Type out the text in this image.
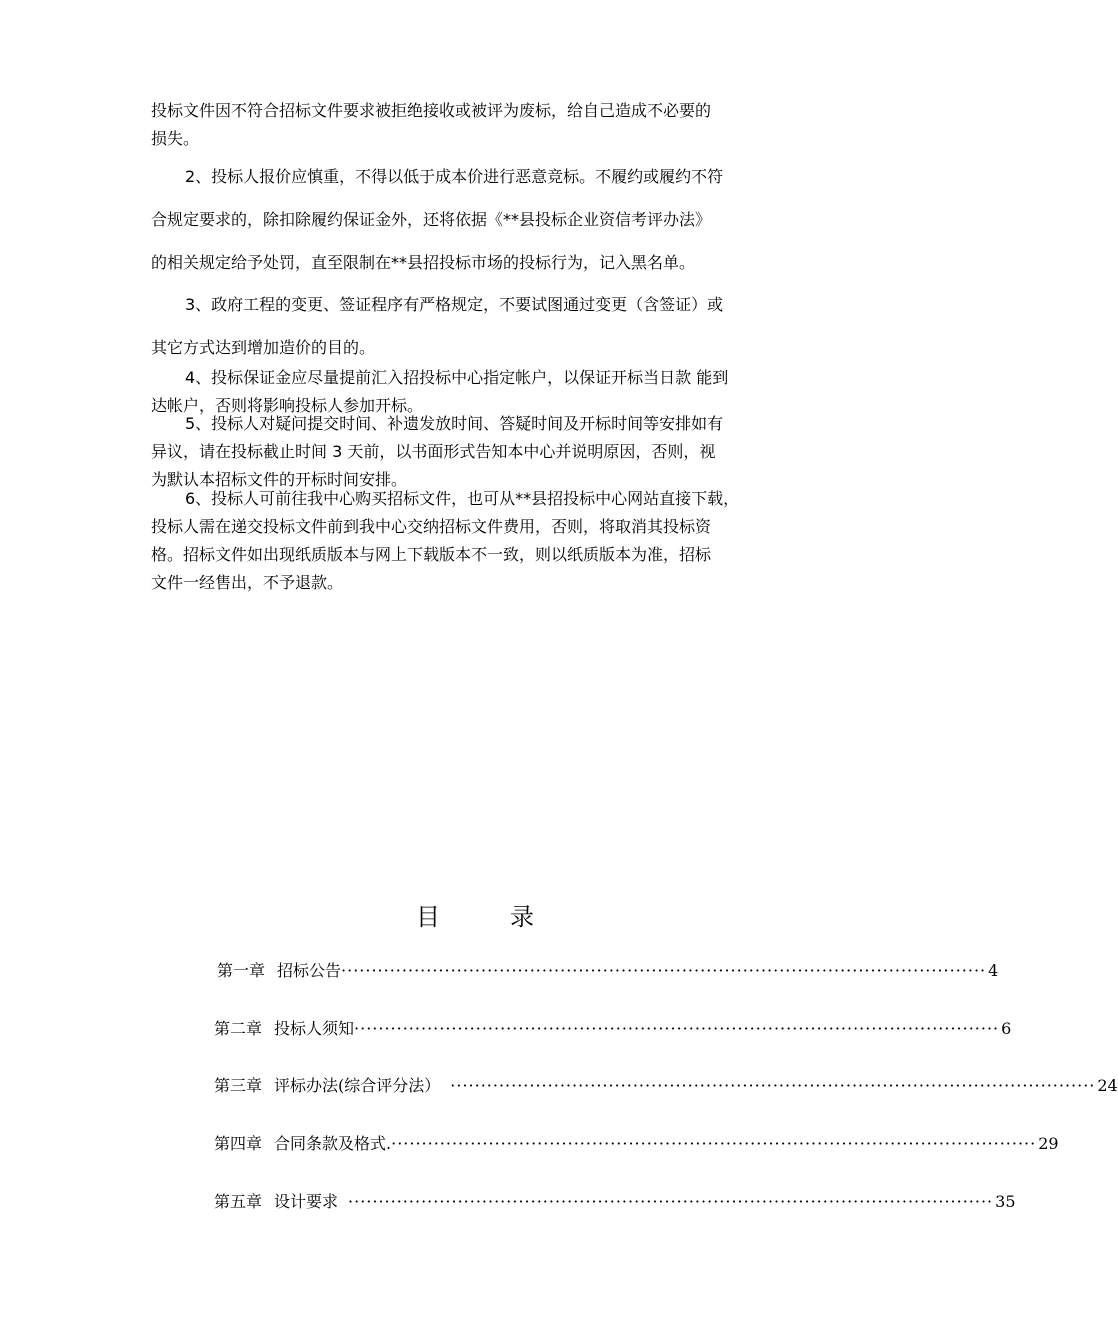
投标文件因不符合招标文件要求被拒绝接收或被评为废标，给自己造成不必要的
损失。
2、投标人报价应慎重，不得以低于成本价进行恶意竞标。不履约或履约不符
合规定要求的，除扣除履约保证金外，还将依据《**县投标企业资信考评办法》
的相关规定给予处罚，直至限制在**县招投标市场的投标行为，记入黑名单。
3、政府工程的变更、签证程序有严格规定，不要试图通过变更（含签证）或
其它方式达到增加造价的目的。
4、投标保证金应尽量提前汇入招投标中心指定帐户，以保证开标当日款 能到
达帐户，否则将影响投标人参加开标。
5、投标人对疑问提交时间、补遗发放时间、答疑时间及开标时间等安排如有
异议，请在投标截止时间 3 天前，以书面形式告知本中心并说明原因，否则，视
为默认本招标文件的开标时间安排。
6、投标人可前往我中心购买招标文件，也可从**县招投标中心网站直接下载，
投标人需在递交投标文件前到我中心交纳招标文件费用，否则，将取消其投标资
格。招标文件如出现纸质版本与网上下载版本不一致，则以纸质版本为准，招标
文件一经售出，不予退款。
目	录
第一章 招标公告 ·········································································································· 4
第二章 投标人须知 ·········································································································· 6
第三章 评标办法(综合评分法） ·········································································································· 24
第四章 合同条款及格式. ·········································································································· 29
第五章 设计要求 ·········································································································· 35
